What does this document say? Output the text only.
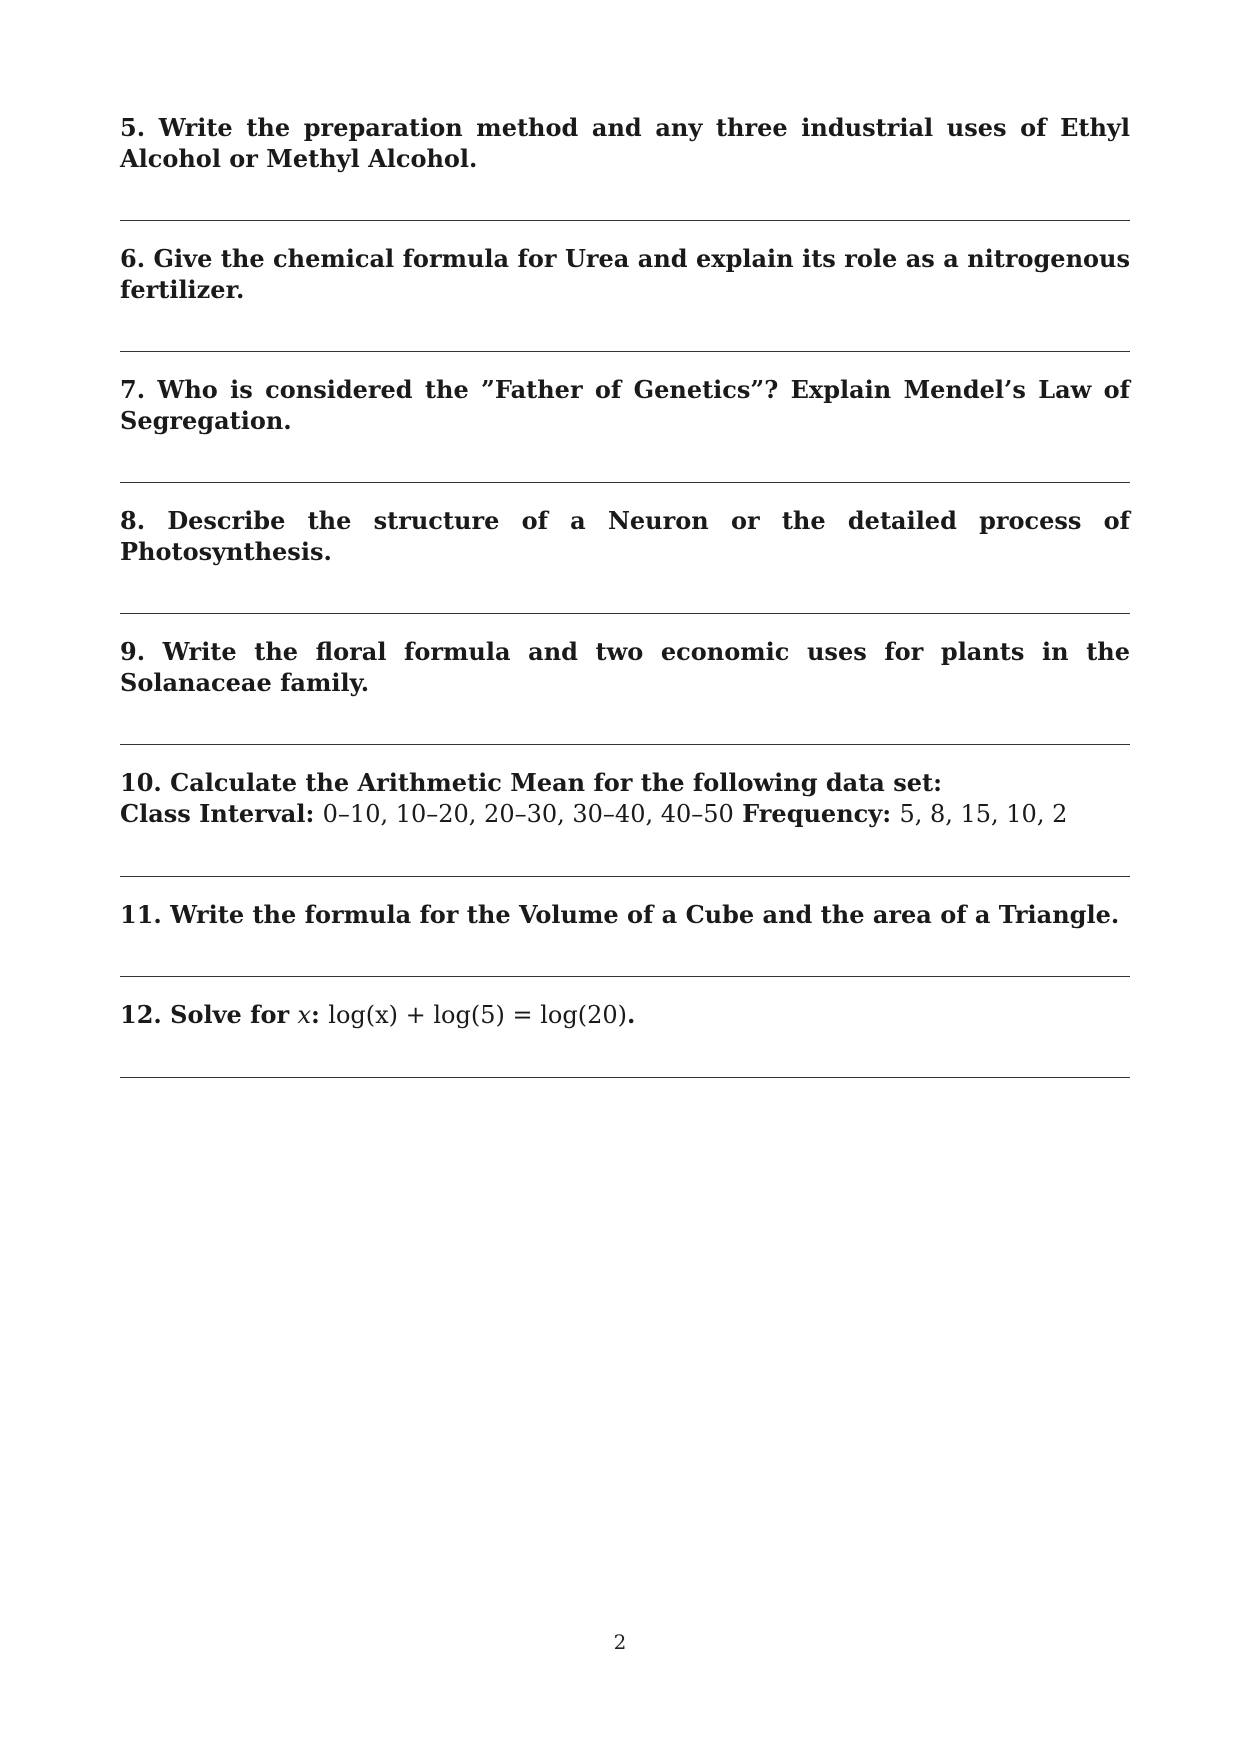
5. Write the preparation method and any three industrial uses of Ethyl Alcohol or Methyl Alcohol.

6. Give the chemical formula for Urea and explain its role as a nitrogenous fertilizer.

7. Who is considered the ”Father of Genetics”? Explain Mendel’s Law of Segregation.

8. Describe the structure of a Neuron or the detailed process of Photosynthesis.

9. Write the floral formula and two economic uses for plants in the Solanaceae family.

10. Calculate the Arithmetic Mean for the following data set:
Class Interval: 0–10, 10–20, 20–30, 30–40, 40–50 Frequency: 5, 8, 15, 10, 2

11. Write the formula for the Volume of a Cube and the area of a Triangle.

12. Solve for x: log(x) + log(5) = log(20).

2
